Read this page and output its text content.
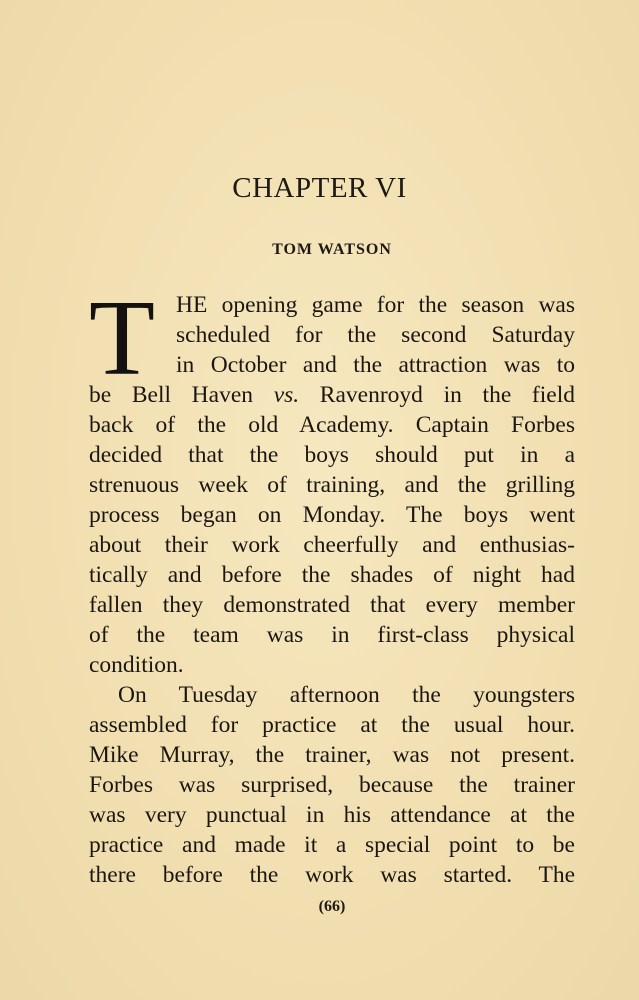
CHAPTER VI
TOM WATSON
T HE opening game for the season was
scheduled for the second Saturday
in October and the attraction was to
be Bell Haven vs. Ravenroyd in the field
back of the old Academy. Captain Forbes
decided that the boys should put in a
strenuous week of training, and the grilling
process began on Monday. The boys went
about their work cheerfully and enthusias-
tically and before the shades of night had
fallen they demonstrated that every member
of the team was in first-class physical
condition.
On Tuesday afternoon the youngsters
assembled for practice at the usual hour.
Mike Murray, the trainer, was not present.
Forbes was surprised, because the trainer
was very punctual in his attendance at the
practice and made it a special point to be
there before the work was started. The
(66)
